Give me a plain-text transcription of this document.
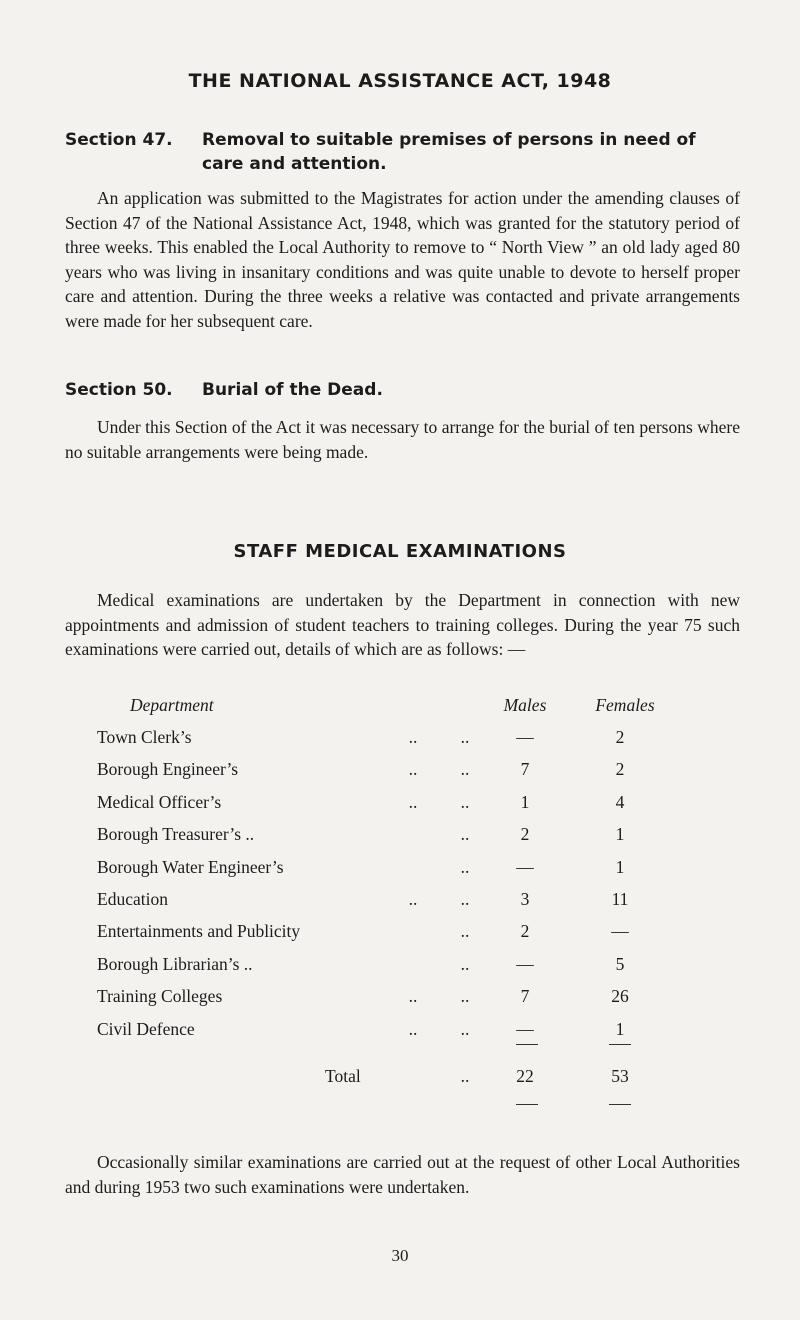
THE NATIONAL ASSISTANCE ACT, 1948
Section 47. Removal to suitable premises of persons in need of
care and attention.

An application was submitted to the Magistrates for action under the amending clauses of Section 47 of the National Assistance Act, 1948, which was granted for the statutory period of three weeks. This enabled the Local Authority to remove to “ North View ” an old lady aged 80 years who was living in insanitary conditions and was quite unable to devote to herself proper care and attention. During the three weeks a relative was contacted and private arrangements were made for her subsequent care.

Section 50. Burial of the Dead.

Under this Section of the Act it was necessary to arrange for the burial of ten persons where no suitable arrangements were being made.

STAFF MEDICAL EXAMINATIONS

Medical examinations are undertaken by the Department in connection with new appointments and admission of student teachers to training colleges. During the year 75 such examinations were carried out, details of which are as follows: —

Department	Males	Females
Town Clerk’s	..	..	—	2
Borough Engineer’s	..	..	7	2
Medical Officer’s	..	..	1	4
Borough Treasurer’s ..	..	2	1
Borough Water Engineer’s	..	—	1
Education	..	..	3	11
Entertainments and Publicity	..	2	—
Borough Librarian’s ..	..	—	5
Training Colleges	..	..	7	26
Civil Defence	..	..	—	1
Total	..	22	53
30

Occasionally similar examinations are carried out at the request of other Local Authorities and during 1953 two such examinations were undertaken.
